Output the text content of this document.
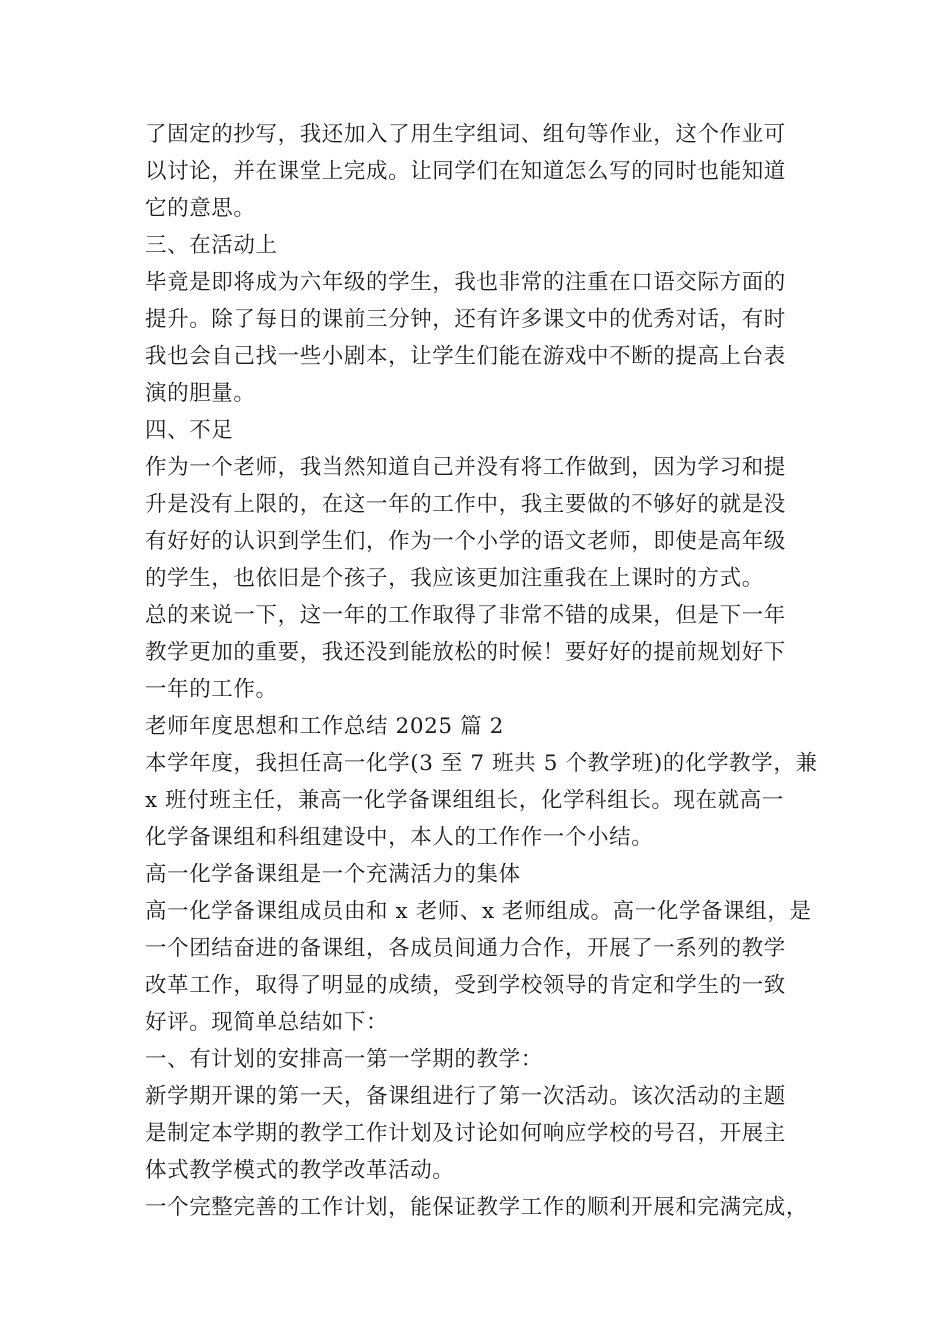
了固定的抄写，我还加入了用生字组词、组句等作业，这个作业可
以讨论，并在课堂上完成。让同学们在知道怎么写的同时也能知道
它的意思。
三、在活动上
毕竟是即将成为六年级的学生，我也非常的注重在口语交际方面的
提升。除了每日的课前三分钟，还有许多课文中的优秀对话，有时
我也会自己找一些小剧本，让学生们能在游戏中不断的提高上台表
演的胆量。
四、不足
作为一个老师，我当然知道自己并没有将工作做到，因为学习和提
升是没有上限的，在这一年的工作中，我主要做的不够好的就是没
有好好的认识到学生们，作为一个小学的语文老师，即使是高年级
的学生，也依旧是个孩子，我应该更加注重我在上课时的方式。
总的来说一下，这一年的工作取得了非常不错的成果，但是下一年
教学更加的重要，我还没到能放松的时候！要好好的提前规划好下
一年的工作。
老师年度思想和工作总结 2025 篇 2
本学年度，我担任高一化学(3 至 7 班共 5 个教学班)的化学教学，兼
x 班付班主任，兼高一化学备课组组长，化学科组长。现在就高一
化学备课组和科组建设中，本人的工作作一个小结。
高一化学备课组是一个充满活力的集体
高一化学备课组成员由和 x 老师、x 老师组成。高一化学备课组，是
一个团结奋进的备课组，各成员间通力合作，开展了一系列的教学
改革工作，取得了明显的成绩，受到学校领导的肯定和学生的一致
好评。现简单总结如下：
一、有计划的安排高一第一学期的教学：
新学期开课的第一天，备课组进行了第一次活动。该次活动的主题
是制定本学期的教学工作计划及讨论如何响应学校的号召，开展主
体式教学模式的教学改革活动。
一个完整完善的工作计划，能保证教学工作的顺利开展和完满完成，
